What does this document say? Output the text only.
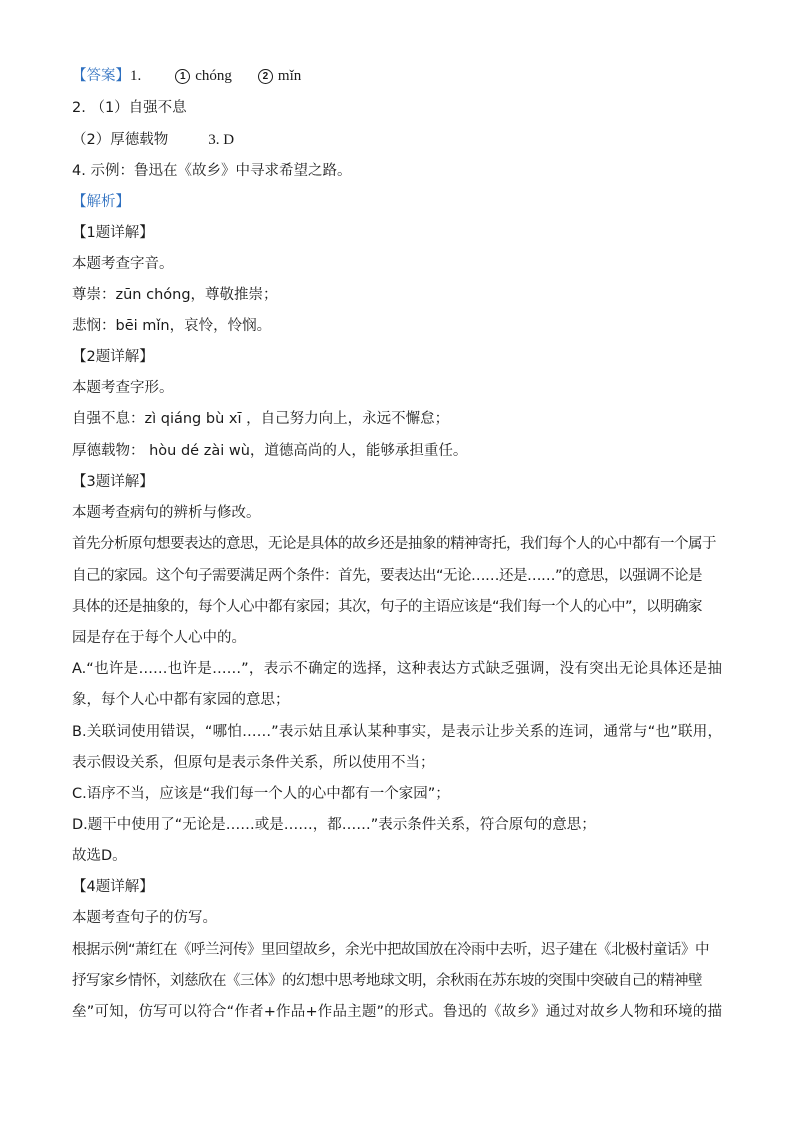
【答案】1.	1 chóng	2 mǐn
2. （1）自强不息
（2）厚德载物	3. D
4. 示例：鲁迅在《故乡》中寻求希望之路。
【解析】
【1题详解】
本题考查字音。
尊崇：zūn chóng，尊敬推崇；
悲悯：bēi mǐn，哀怜，怜悯。
【2题详解】
本题考查字形。
自强不息：zì qiáng bù xī ，自己努力向上，永远不懈怠；
厚德载物： hòu dé zài wù，道德高尚的人，能够承担重任。
【3题详解】
本题考查病句的辨析与修改。
首先分析原句想要表达的意思，无论是具体的故乡还是抽象的精神寄托，我们每个人的心中都有一个属于
自己的家园。这个句子需要满足两个条件：首先，要表达出“无论……还是……”的意思，以强调不论是
具体的还是抽象的，每个人心中都有家园；其次，句子的主语应该是“我们每一个人的心中”，以明确家
园是存在于每个人心中的。
A.“也许是……也许是……”，表示不确定的选择，这种表达方式缺乏强调，没有突出无论具体还是抽
象，每个人心中都有家园的意思；
B.关联词使用错误，“哪怕……”表示姑且承认某种事实，是表示让步关系的连词，通常与“也”联用，
表示假设关系，但原句是表示条件关系，所以使用不当；
C.语序不当，应该是“我们每一个人的心中都有一个家园”；
D.题干中使用了“无论是……或是……，都……”表示条件关系，符合原句的意思；
故选D。
【4题详解】
本题考查句子的仿写。
根据示例“萧红在《呼兰河传》里回望故乡，余光中把故国放在冷雨中去听，迟子建在《北极村童话》中
抒写家乡情怀，刘慈欣在《三体》的幻想中思考地球文明，余秋雨在苏东坡的突围中突破自己的精神壁
垒”可知，仿写可以符合“作者+作品+作品主题”的形式。鲁迅的《故乡》通过对故乡人物和环境的描
